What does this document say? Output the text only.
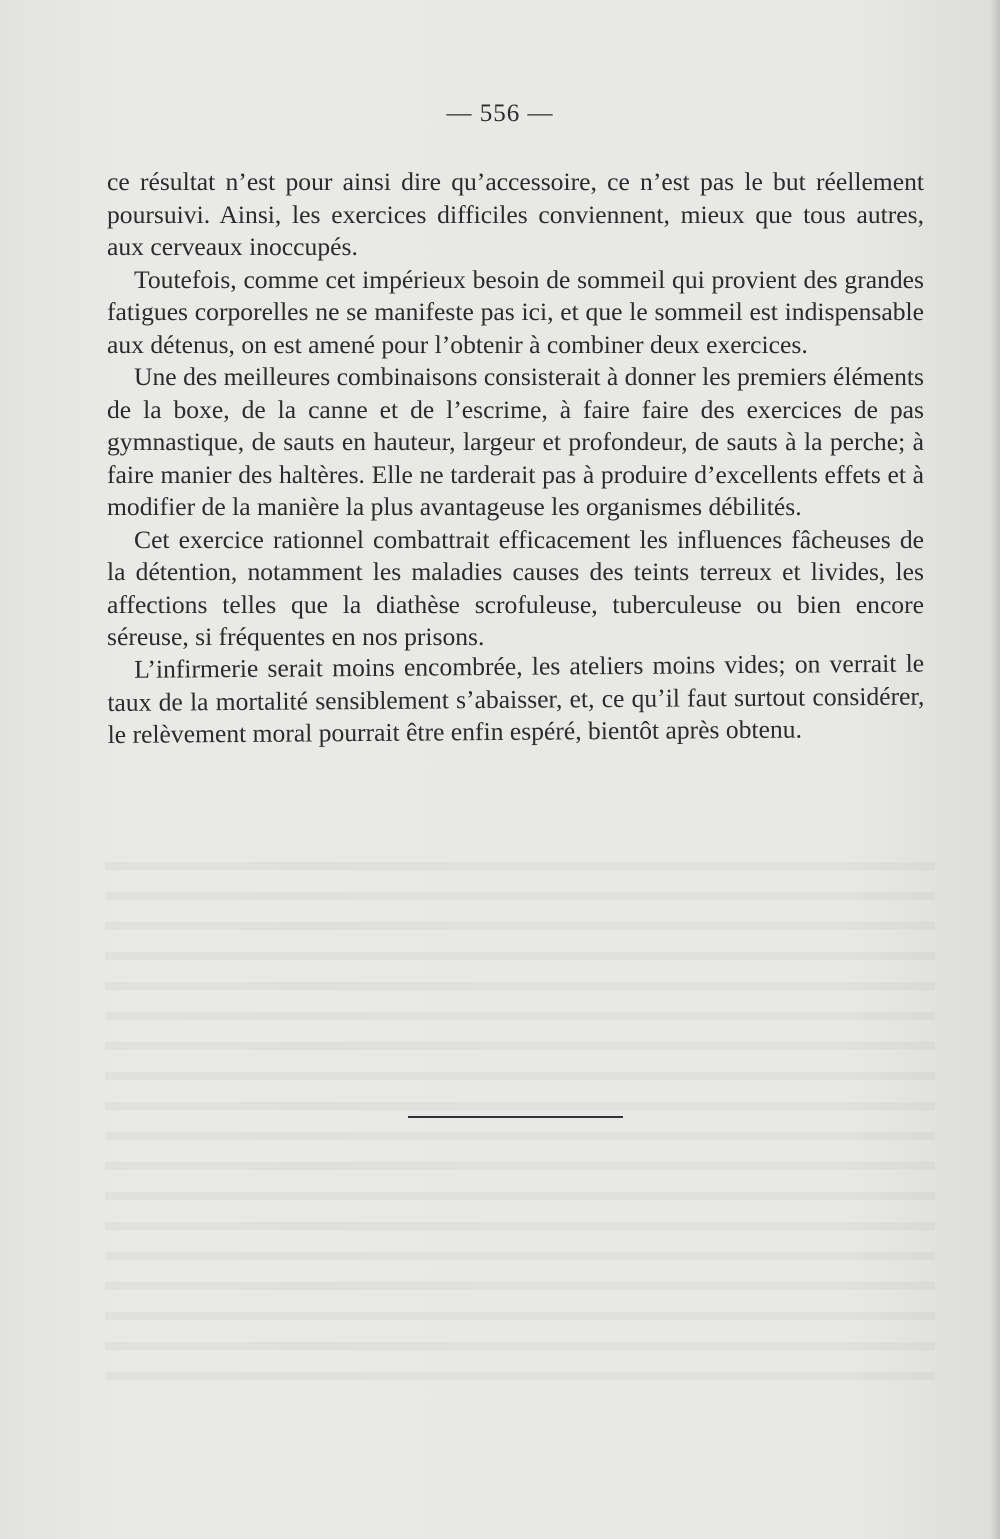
— 556 —

ce résultat n’est pour ainsi dire qu’accessoire, ce n’est pas le but réellement poursuivi. Ainsi, les exercices difficiles conviennent, mieux que tous autres, aux cerveaux inoccupés.

Toutefois, comme cet impérieux besoin de sommeil qui provient des grandes fatigues corporelles ne se manifeste pas ici, et que le sommeil est indispensable aux détenus, on est amené pour l’obtenir à combiner deux exercices.

Une des meilleures combinaisons consisterait à donner les premiers éléments de la boxe, de la canne et de l’escrime, à faire faire des exercices de pas gymnastique, de sauts en hauteur, largeur et profondeur, de sauts à la perche; à faire manier des haltères. Elle ne tarderait pas à produire d’excellents effets et à modifier de la manière la plus avantageuse les organismes débilités.

Cet exercice rationnel combattrait efficacement les influences fâcheuses de la détention, notamment les maladies causes des teints terreux et livides, les affections telles que la diathèse scrofuleuse, tuberculeuse ou bien encore séreuse, si fréquentes en nos prisons.

L’infirmerie serait moins encombrée, les ateliers moins vides; on verrait le taux de la mortalité sensiblement s’abaisser, et, ce qu’il faut surtout considérer, le relèvement moral pourrait être enfin espéré, bientôt après obtenu.
